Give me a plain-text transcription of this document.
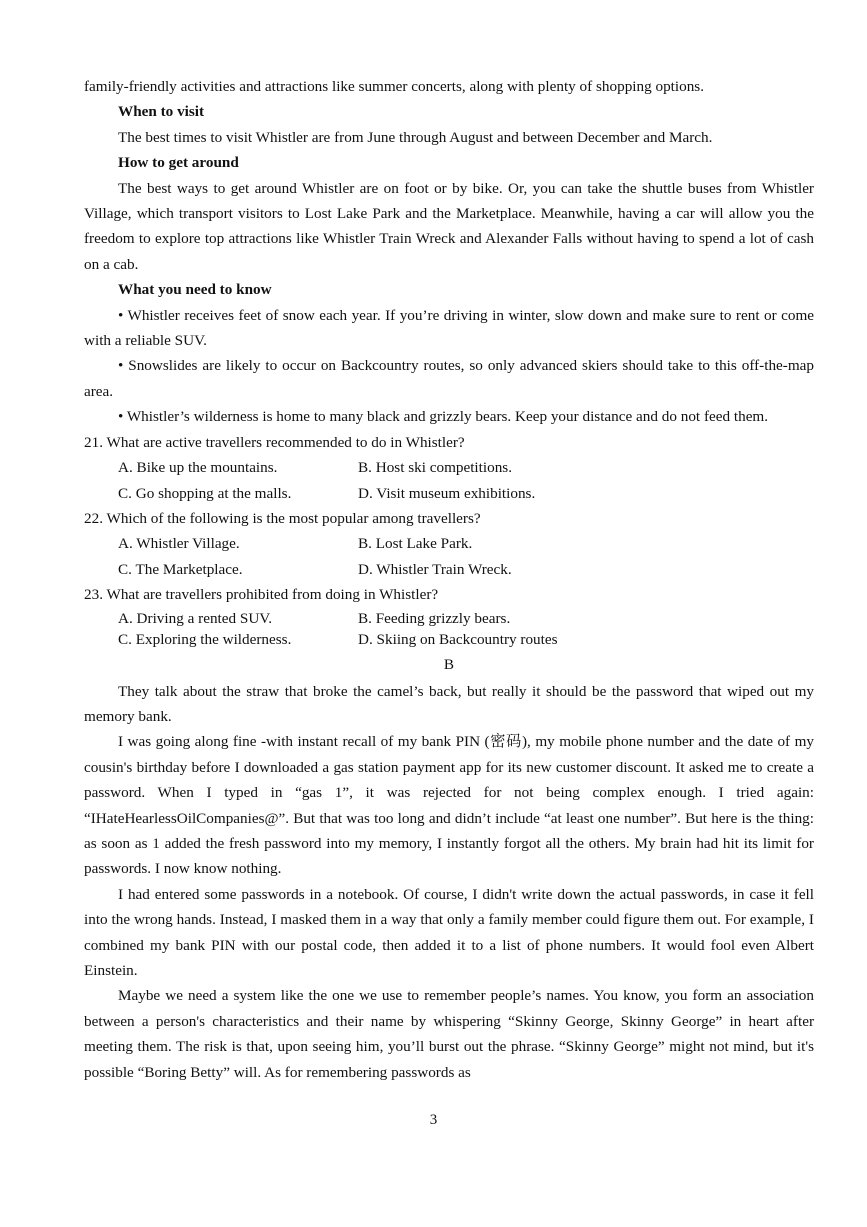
family-friendly activities and attractions like summer concerts, along with plenty of shopping options.

When to visit

The best times to visit Whistler are from June through August and between December and March.

How to get around

The best ways to get around Whistler are on foot or by bike. Or, you can take the shuttle buses from Whistler Village, which transport visitors to Lost Lake Park and the Marketplace. Meanwhile, having a car will allow you the freedom to explore top attractions like Whistler Train Wreck and Alexander Falls without having to spend a lot of cash on a cab.

What you need to know

• Whistler receives feet of snow each year. If you’re driving in winter, slow down and make sure to rent or come with a reliable SUV.

• Snowslides are likely to occur on Backcountry routes, so only advanced skiers should take to this off-the-map area.

• Whistler’s wilderness is home to many black and grizzly bears. Keep your distance and do not feed them.

21. What are active travellers recommended to do in Whistler?

A. Bike up the mountains.	B. Host ski competitions.
C. Go shopping at the malls.	D. Visit museum exhibitions.

22. Which of the following is the most popular among travellers?

A. Whistler Village.	B. Lost Lake Park.
C. The Marketplace.	D. Whistler Train Wreck.

23. What are travellers prohibited from doing in Whistler?

A. Driving a rented SUV.	B. Feeding grizzly bears.
C. Exploring the wilderness.	D. Skiing on Backcountry routes

B

They talk about the straw that broke the camel’s back, but really it should be the password that wiped out my memory bank.

I was going along fine -with instant recall of my bank PIN (密码), my mobile phone number and the date of my cousin's birthday before I downloaded a gas station payment app for its new customer discount. It asked me to create a password. When I typed in “gas 1”, it was rejected for not being complex enough. I tried again: “IHateHearlessOilCompanies@”. But that was too long and didn’t include “at least one number”. But here is the thing: as soon as 1 added the fresh password into my memory, I instantly forgot all the others. My brain had hit its limit for passwords. I now know nothing.

I had entered some passwords in a notebook. Of course, I didn't write down the actual passwords, in case it fell into the wrong hands. Instead, I masked them in a way that only a family member could figure them out. For example, I combined my bank PIN with our postal code, then added it to a list of phone numbers. It would fool even Albert Einstein.

Maybe we need a system like the one we use to remember people’s names. You know, you form an association between a person's characteristics and their name by whispering “Skinny George, Skinny George” in heart after meeting them. The risk is that, upon seeing him, you’ll burst out the phrase. “Skinny George” might not mind, but it's possible “Boring Betty” will. As for remembering passwords as

3
